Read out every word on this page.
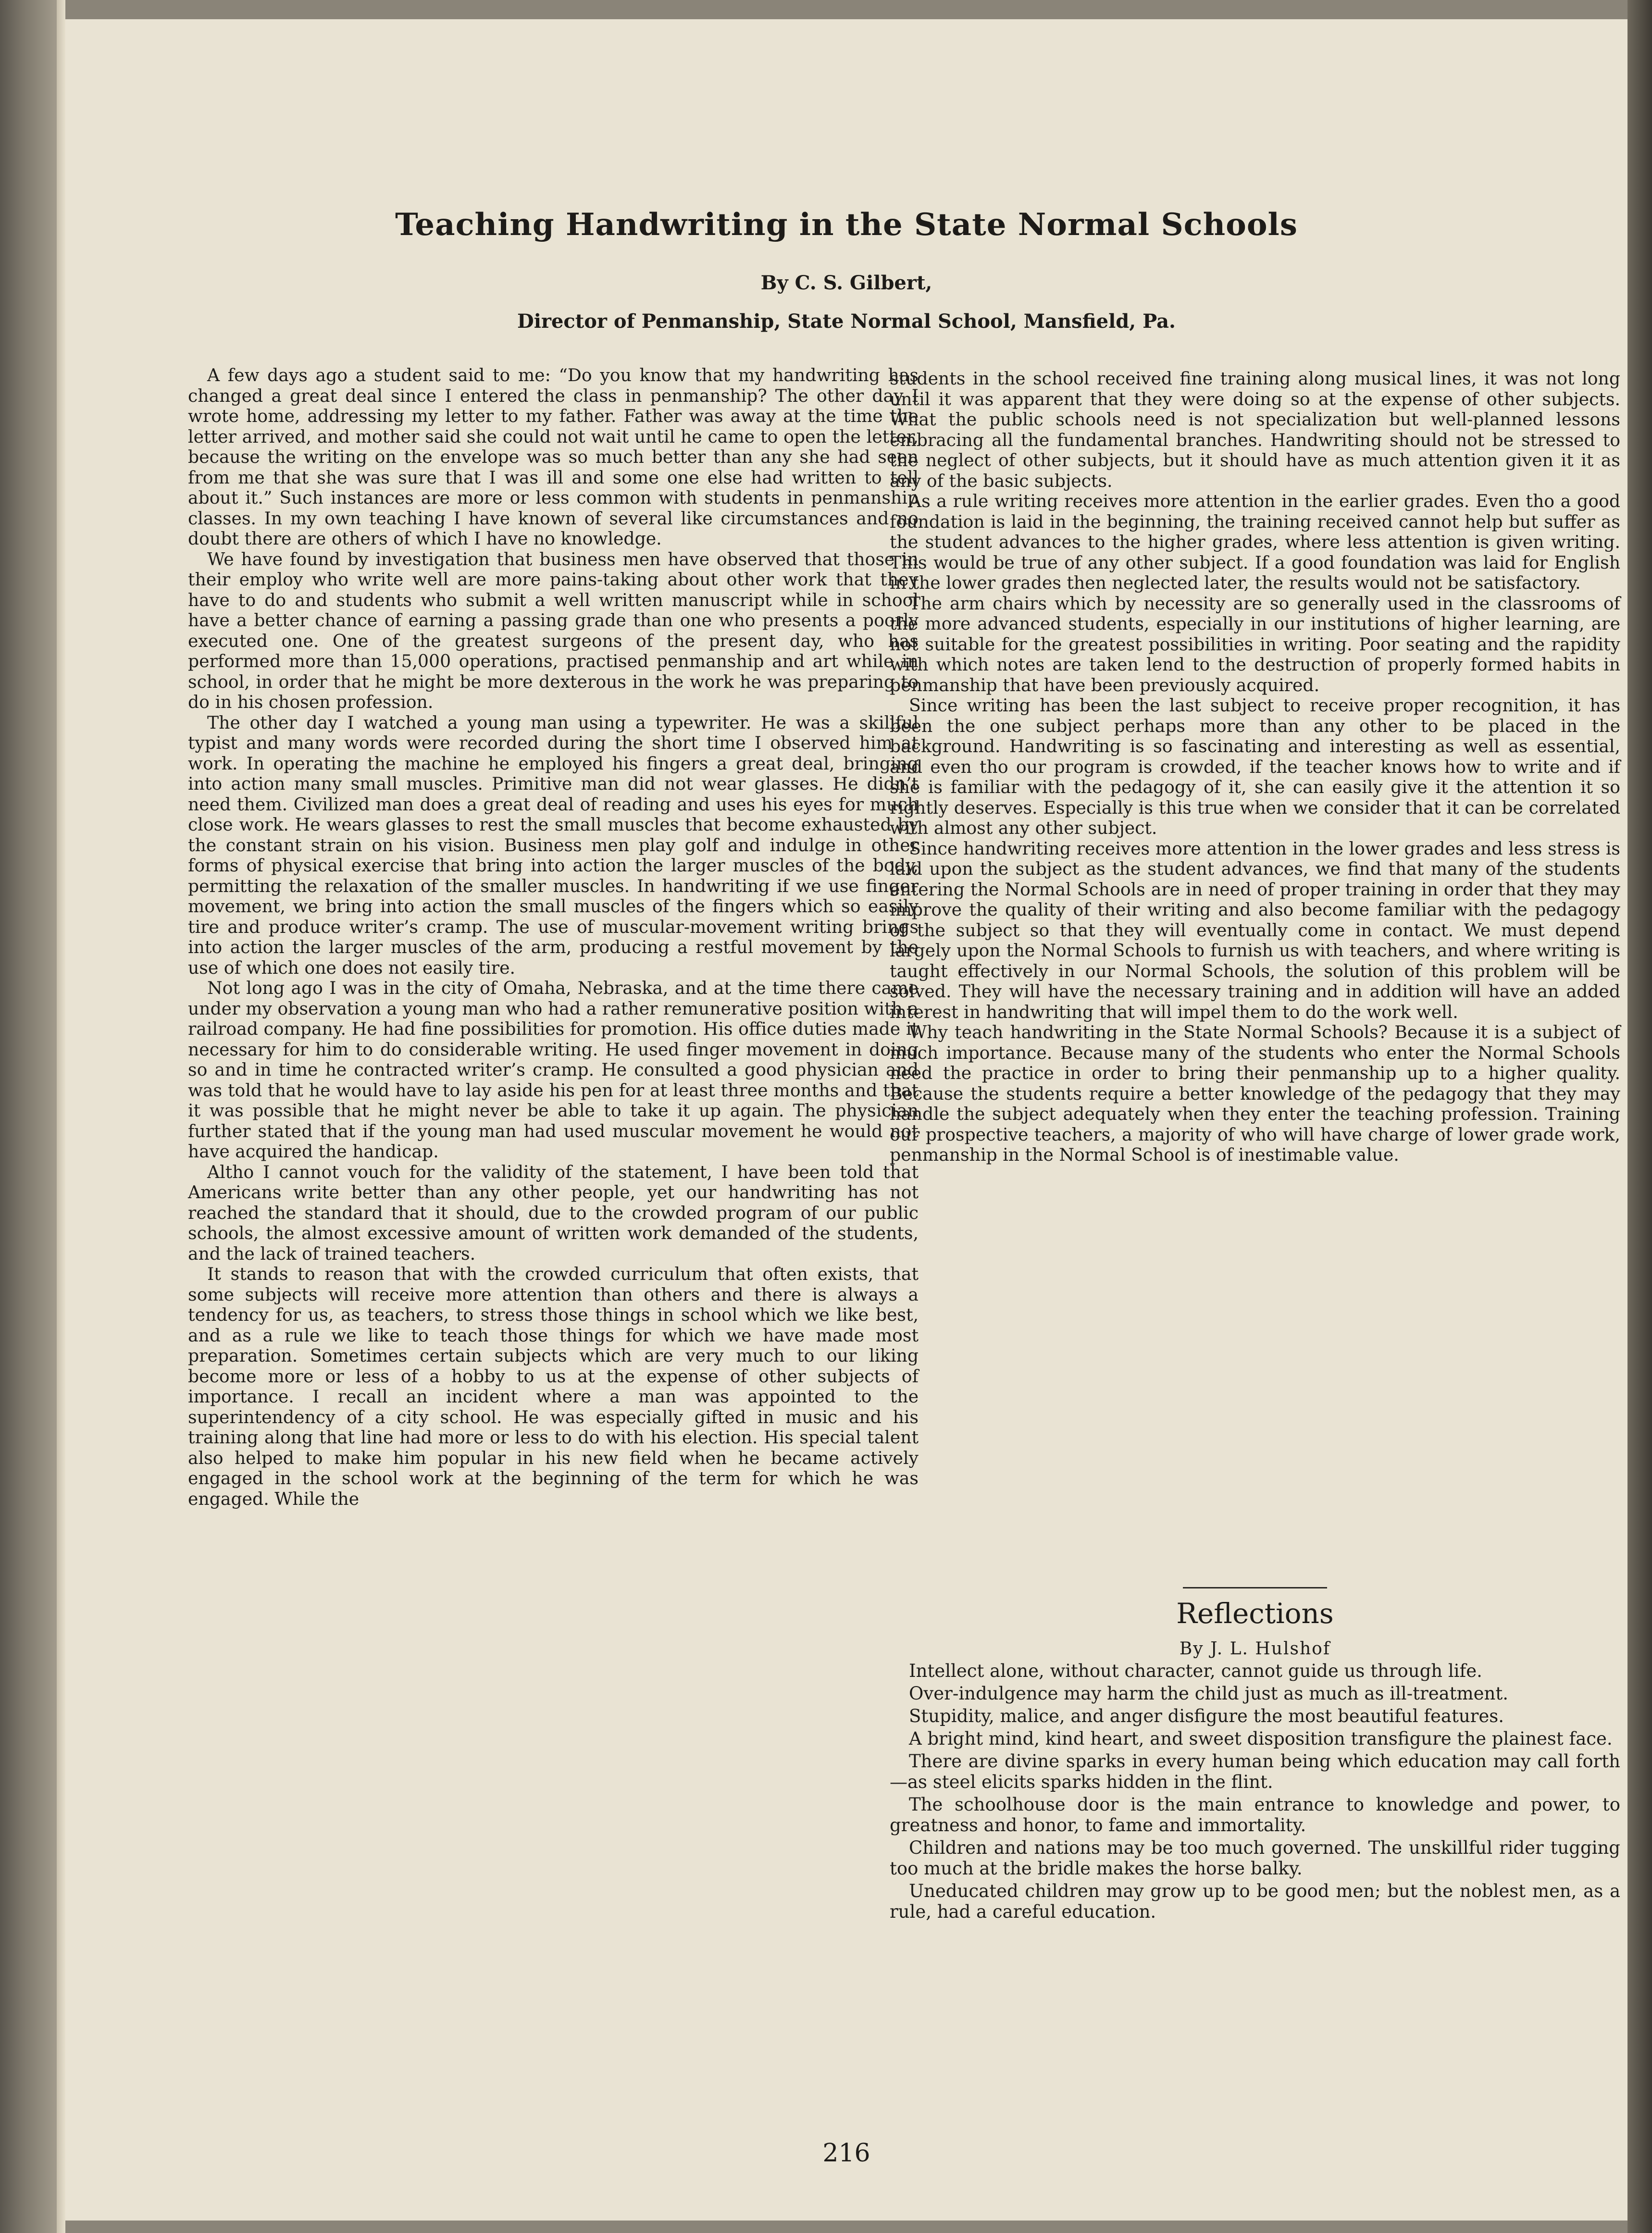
Teaching Handwriting in the State Normal Schools
By C. S. Gilbert,
Director of Penmanship, State Normal School, Mansfield, Pa.

A few days ago a student said to me: “Do you know that my handwriting has changed a great deal since I entered the class in penmanship? The other day I wrote home, addressing my letter to my father. Father was away at the time the letter arrived, and mother said she could not wait until he came to open the letter, because the writing on the envelope was so much better than any she had seen from me that she was sure that I was ill and some one else had written to tell about it.” Such instances are more or less common with students in penmanship classes. In my own teaching I have known of several like circumstances and no doubt there are others of which I have no knowledge.

We have found by investigation that business men have observed that those in their employ who write well are more pains-taking about other work that they have to do and students who submit a well written manuscript while in school have a better chance of earning a passing grade than one who presents a poorly executed one. One of the greatest surgeons of the present day, who has performed more than 15,000 operations, practised penmanship and art while in school, in order that he might be more dexterous in the work he was preparing to do in his chosen profession.

The other day I watched a young man using a typewriter. He was a skillful typist and many words were recorded during the short time I observed him at work. In operating the machine he employed his fingers a great deal, bringing into action many small muscles. Primitive man did not wear glasses. He didn’t need them. Civilized man does a great deal of reading and uses his eyes for much close work. He wears glasses to rest the small muscles that become exhausted by the constant strain on his vision. Business men play golf and indulge in other forms of physical exercise that bring into action the larger muscles of the body, permitting the relaxation of the smaller muscles. In handwriting if we use finger movement, we bring into action the small muscles of the fingers which so easily tire and produce writer’s cramp. The use of muscular-movement writing brings into action the larger muscles of the arm, producing a restful movement by the use of which one does not easily tire.

Not long ago I was in the city of Omaha, Nebraska, and at the time there came under my observation a young man who had a rather remunerative position with a railroad company. He had fine possibilities for promotion. His office duties made it necessary for him to do considerable writing. He used finger movement in doing so and in time he contracted writer’s cramp. He consulted a good physician and was told that he would have to lay aside his pen for at least three months and that it was possible that he might never be able to take it up again. The physician further stated that if the young man had used muscular movement he would not have acquired the handicap.

Altho I cannot vouch for the validity of the statement, I have been told that Americans write better than any other people, yet our handwriting has not reached the standard that it should, due to the crowded program of our public schools, the almost excessive amount of written work demanded of the students, and the lack of trained teachers.

It stands to reason that with the crowded curriculum that often exists, that some subjects will receive more attention than others and there is always a tendency for us, as teachers, to stress those things in school which we like best, and as a rule we like to teach those things for which we have made most preparation. Sometimes certain subjects which are very much to our liking become more or less of a hobby to us at the expense of other subjects of importance. I recall an incident where a man was appointed to the superintendency of a city school. He was especially gifted in music and his training along that line had more or less to do with his election. His special talent also helped to make him popular in his new field when he became actively engaged in the school work at the beginning of the term for which he was engaged. While the

students in the school received fine training along musical lines, it was not long until it was apparent that they were doing so at the expense of other subjects. What the public schools need is not specialization but well-planned lessons embracing all the fundamental branches. Handwriting should not be stressed to the neglect of other subjects, but it should have as much attention given it it as any of the basic subjects.

As a rule writing receives more attention in the earlier grades. Even tho a good foundation is laid in the beginning, the training received cannot help but suffer as the student advances to the higher grades, where less attention is given writing. This would be true of any other subject. If a good foundation was laid for English in the lower grades then neglected later, the results would not be satisfactory.

The arm chairs which by necessity are so generally used in the classrooms of the more advanced students, especially in our institutions of higher learning, are not suitable for the greatest possibilities in writing. Poor seating and the rapidity with which notes are taken lend to the destruction of properly formed habits in penmanship that have been previously acquired.

Since writing has been the last subject to receive proper recognition, it has been the one subject perhaps more than any other to be placed in the background. Handwriting is so fascinating and interesting as well as essential, and even tho our program is crowded, if the teacher knows how to write and if she is familiar with the pedagogy of it, she can easily give it the attention it so rightly deserves. Especially is this true when we consider that it can be correlated with almost any other subject.

Since handwriting receives more attention in the lower grades and less stress is laid upon the subject as the student advances, we find that many of the students entering the Normal Schools are in need of proper training in order that they may improve the quality of their writing and also become familiar with the pedagogy of the subject so that they will eventually come in contact. We must depend largely upon the Normal Schools to furnish us with teachers, and where writing is taught effectively in our Normal Schools, the solution of this problem will be solved. They will have the necessary training and in addition will have an added interest in handwriting that will impel them to do the work well.

Why teach handwriting in the State Normal Schools? Because it is a subject of much importance. Because many of the students who enter the Normal Schools need the practice in order to bring their penmanship up to a higher quality. Because the students require a better knowledge of the pedagogy that they may handle the subject adequately when they enter the teaching profession. Training our prospective teachers, a majority of who will have charge of lower grade work, penmanship in the Normal School is of inestimable value.

Reflections
By J. L. Hulshof

Intellect alone, without character, cannot guide us through life.

Over-indulgence may harm the child just as much as ill-treatment.

Stupidity, malice, and anger disfigure the most beautiful features.

A bright mind, kind heart, and sweet disposition transfigure the plainest face.

There are divine sparks in every human being which education may call forth—as steel elicits sparks hidden in the flint.

The schoolhouse door is the main entrance to knowledge and power, to greatness and honor, to fame and immortality.

Children and nations may be too much governed. The unskillful rider tugging too much at the bridle makes the horse balky.

Uneducated children may grow up to be good men; but the noblest men, as a rule, had a careful education.

216
